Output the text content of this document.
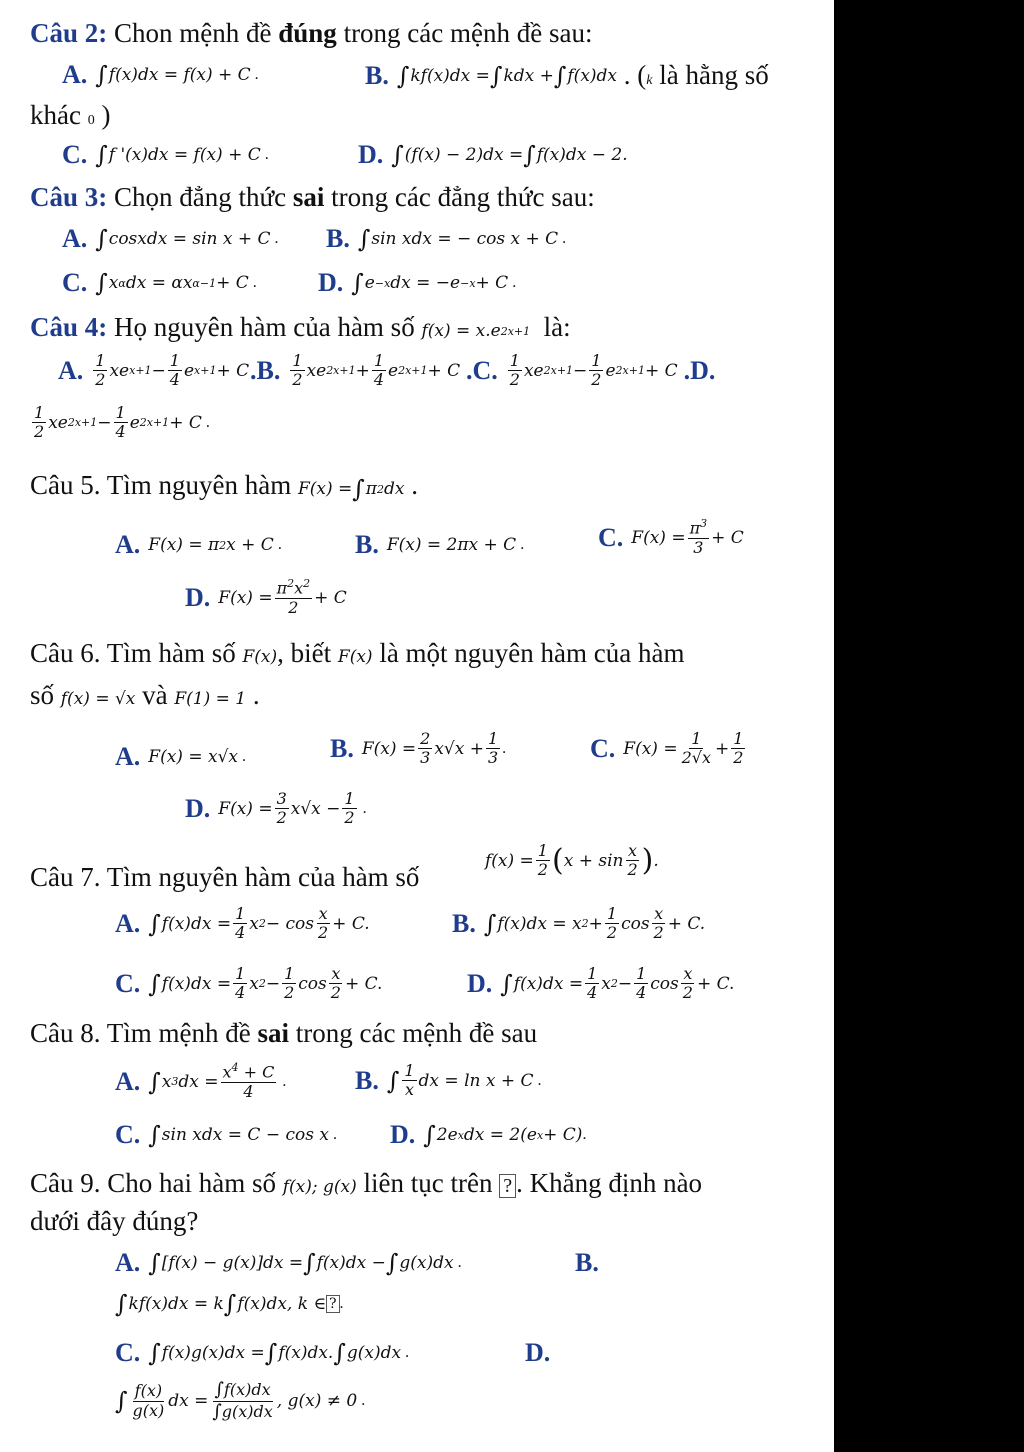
Câu 2: Chon mệnh đề đúng trong các mệnh đề sau:
A. ∫ f(x)dx = f(x) + C .	B. ∫ kf(x)dx = ∫ kdx + ∫ f(x)dx . (k là hằng số
khác 0 )
C. ∫ f '(x)dx = f(x) + C .	D. ∫ (f(x) − 2)dx = ∫ f(x)dx − 2.
Câu 3: Chọn đẳng thức sai trong các đẳng thức sau:
A. ∫ cosxdx = sin x + C . B. ∫ sin xdx = − cos x + C .
C. ∫ x α dx = αx α−1 + C . D. ∫ e −x dx = −e −x + C .
Câu 4: Họ nguyên hàm của hàm số f(x) = x.e 2x+1 là:
A. $\frac{1}{2}$ xe $x+1 - \frac{1}{4}$ e x+1 + C .B. $\frac{1}{2}$ xe $2x+1 + \frac{1}{4}$ e 2x+1 + C .C. $\frac{1}{2}$ xe $2x+1 - \frac{1}{2}$ e 2x+1 + C .D.
$\frac{1}{2}$ xe $2x+1 - \frac{1}{4}$ e 2x+1 + C .
Câu 5. Tìm nguyên hàm F(x) = ∫ π 2 dx .
A. F(x) = π 2 x + C .	B. F(x) = 2πx + C .	C. $F(x) = \frac{\pi^3}{3} + C$
D. $F(x) = \frac{\pi^2x^2}{2} + C$
Câu 6. Tìm hàm số F(x), biết F(x) là một nguyên hàm của hàm
số f(x) = √x và F(1) = 1 .
A. F(x) = x√x .	B. $F(x) = \frac{2}{3} x√x + \frac{1}{3}$ .	C. $F(x) = \frac{1}{2√x} + \frac{1}{2}$
D. $F(x) = \frac{3}{2} x√x - \frac{1}{2}$ .
Câu 7. Tìm nguyên hàm của hàm số
$f(x) = \frac{1}{2}$ ( $x + \sin \frac{x}{2}$ ) .
A. ∫ $f(x)dx = \frac{1}{4}$ x $2 - \cos \frac{x}{2} + C$.	B. ∫ f(x)dx = x $2 + \frac{1}{2}$ $\cos \frac{x}{2} + C$.
C. ∫ $f(x)dx = \frac{1}{4}$ x $2 - \frac{1}{2}$ $\cos \frac{x}{2} + C$.	D. ∫ $f(x)dx = \frac{1}{4}$ x $2 - \frac{1}{4}$ $\cos \frac{x}{2} + C$.
Câu 8. Tìm mệnh đề sai trong các mệnh đề sau
A. ∫ x 3 dx = $\frac{x^4 + C}{4}$ .	B. ∫ $\frac{1}{x}$ dx = ln x + C .
C. ∫ sin xdx = C − cos x . D. ∫ 2e x dx = 2(e x + C) .
Câu 9. Cho hai hàm số f(x); g(x) liên tục trên ? . Khẳng định nào
dưới đây đúng?
A. ∫ [f(x) − g(x)]dx = ∫ f(x)dx − ∫ g(x)dx .	B.
∫ kf(x)dx = k ∫ f(x)dx, k ∈ ? .
C. ∫ f(x)g(x)dx = ∫ f(x)dx. ∫ g(x)dx .	D.
∫ $\frac{f(x)}{g(x)}$ dx = $\frac{\int f(x)dx}{\int g(x)dx}$ , g(x) ≠ 0 .
